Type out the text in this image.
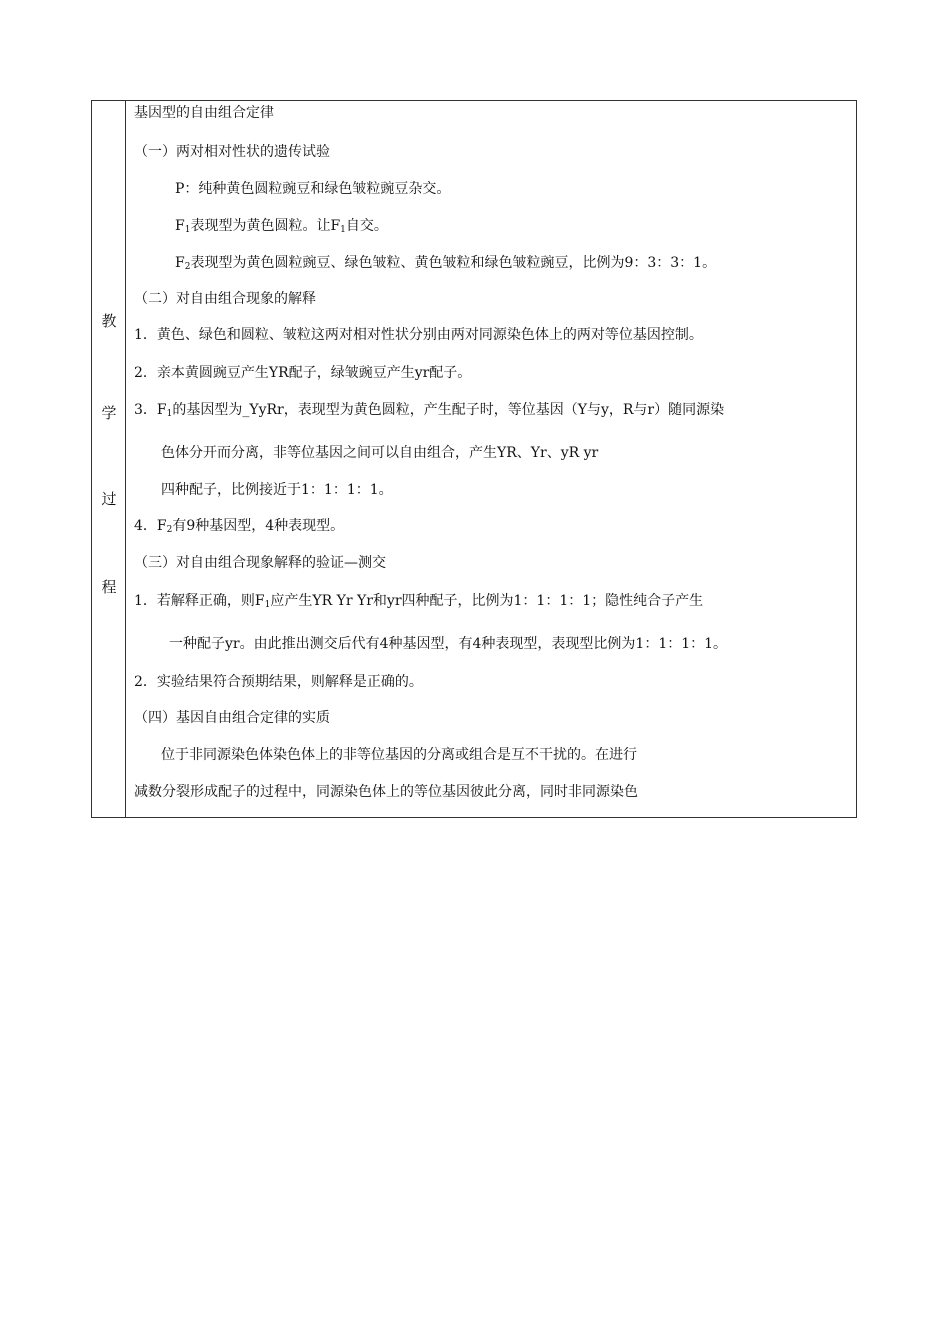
教
学
过
程
基因型的自由组合定律
（一）两对相对性状的遗传试验
P：纯种黄色圆粒豌豆和绿色皱粒豌豆杂交。
$F_1$表现型为黄色圆粒。让$F_1$自交。
$F_2$表现型为黄色圆粒豌豆、绿色皱粒、黄色皱粒和绿色皱粒豌豆，比例为9：3：3：1。
（二）对自由组合现象的解释
1．黄色、绿色和圆粒、皱粒这两对相对性状分别由两对同源染色体上的两对等位基因控制。
2．亲本黄圆豌豆产生YR配子，绿皱豌豆产生yr配子。
3．$F_1$的基因型为_YyRr，表现型为黄色圆粒，产生配子时，等位基因（Y与y，R与r）随同源染
色体分开而分离，非等位基因之间可以自由组合，产生YR、Yr、yR yr
四种配子，比例接近于1：1：1：1。
4．$F_2$有9种基因型，4种表现型。
（三）对自由组合现象解释的验证—测交
1．若解释正确，则$F_1$应产生YR Yr Yr和yr四种配子，比例为1：1：1：1；隐性纯合子产生
一种配子yr。由此推出测交后代有4种基因型，有4种表现型，表现型比例为1：1：1：1。
2．实验结果符合预期结果，则解释是正确的。
（四）基因自由组合定律的实质
位于非同源染色体染色体上的非等位基因的分离或组合是互不干扰的。在进行
减数分裂形成配子的过程中，同源染色体上的等位基因彼此分离，同时非同源染色
